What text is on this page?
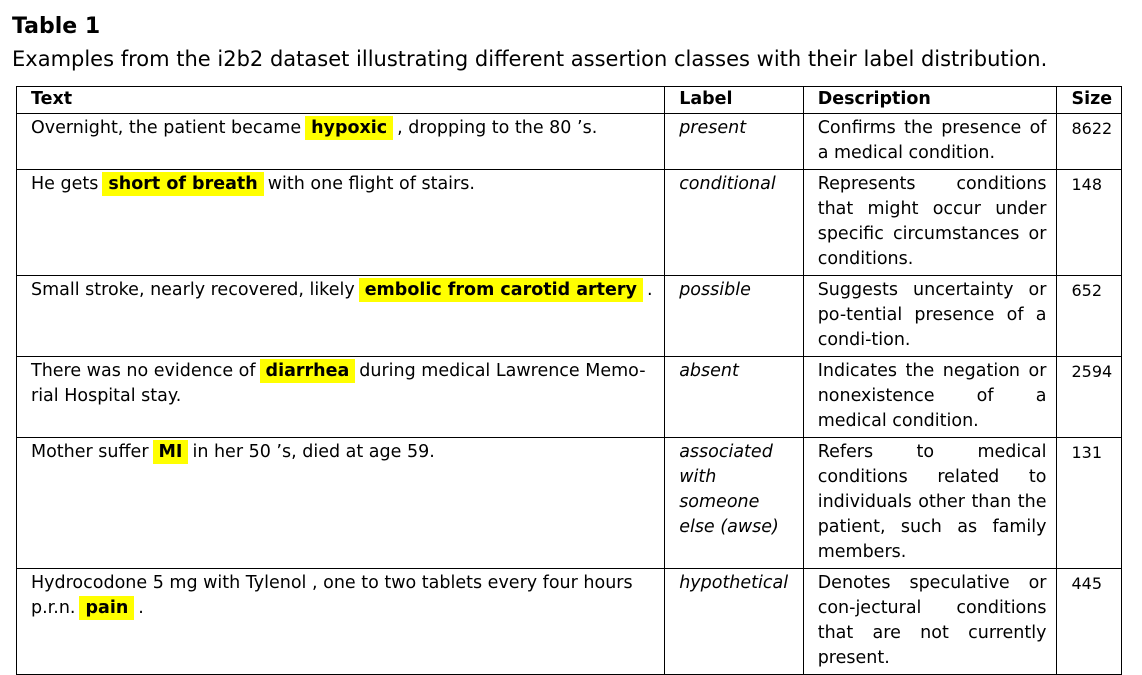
Table 1
Examples from the i2b2 dataset illustrating different assertion classes with their label distribution.
Text	Label	Description	Size
Overnight, the patient became hypoxic , dropping to the 80 ’s.	present	Confirms the presence of a medical condition.	8622
He gets short of breath with one flight of stairs.	conditional	Represents conditions that might occur under specific circumstances or conditions.	148
Small stroke, nearly recovered, likely embolic from carotid artery .	possible	Suggests uncertainty or po-tential presence of a condi-tion.	652
There was no evidence of diarrhea during medical Lawrence Memo-rial Hospital stay.	absent	Indicates the negation or nonexistence of a medical condition.	2594
Mother suffer MI in her 50 ’s, died at age 59.	associated with someone else (awse)	Refers to medical conditions related to individuals other than the patient, such as family members.	131
Hydrocodone 5 mg with Tylenol , one to two tablets every four hours p.r.n. pain .	hypothetical	Denotes speculative or con-jectural conditions that are not currently present.	445
